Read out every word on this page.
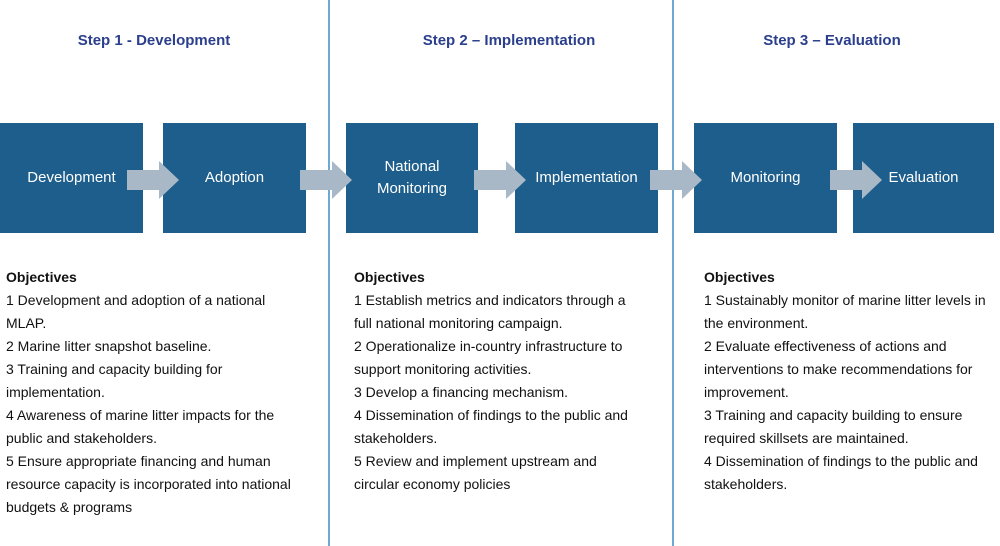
Step 1 - Development	Step 2 – Implementation	Step 3 – Evaluation
Development	Adoption
National Monitoring
Implementation	Monitoring	Evaluation
Objectives

1 Development and adoption of a national MLAP.

2 Marine litter snapshot baseline.

3 Training and capacity building for implementation.

4 Awareness of marine litter impacts for the public and stakeholders.

5 Ensure appropriate financing and human resource capacity is incorporated into national budgets & programs

Objectives

1 Establish metrics and indicators through a full national monitoring campaign.

2 Operationalize in-country infrastructure to support monitoring activities.

3 Develop a financing mechanism.

4 Dissemination of findings to the public and stakeholders.

5 Review and implement upstream and circular economy policies

Objectives

1 Sustainably monitor of marine litter levels in the environment.

2 Evaluate effectiveness of actions and interventions to make recommendations for improvement.

3 Training and capacity building to ensure required skillsets are maintained.

4 Dissemination of findings to the public and stakeholders.
